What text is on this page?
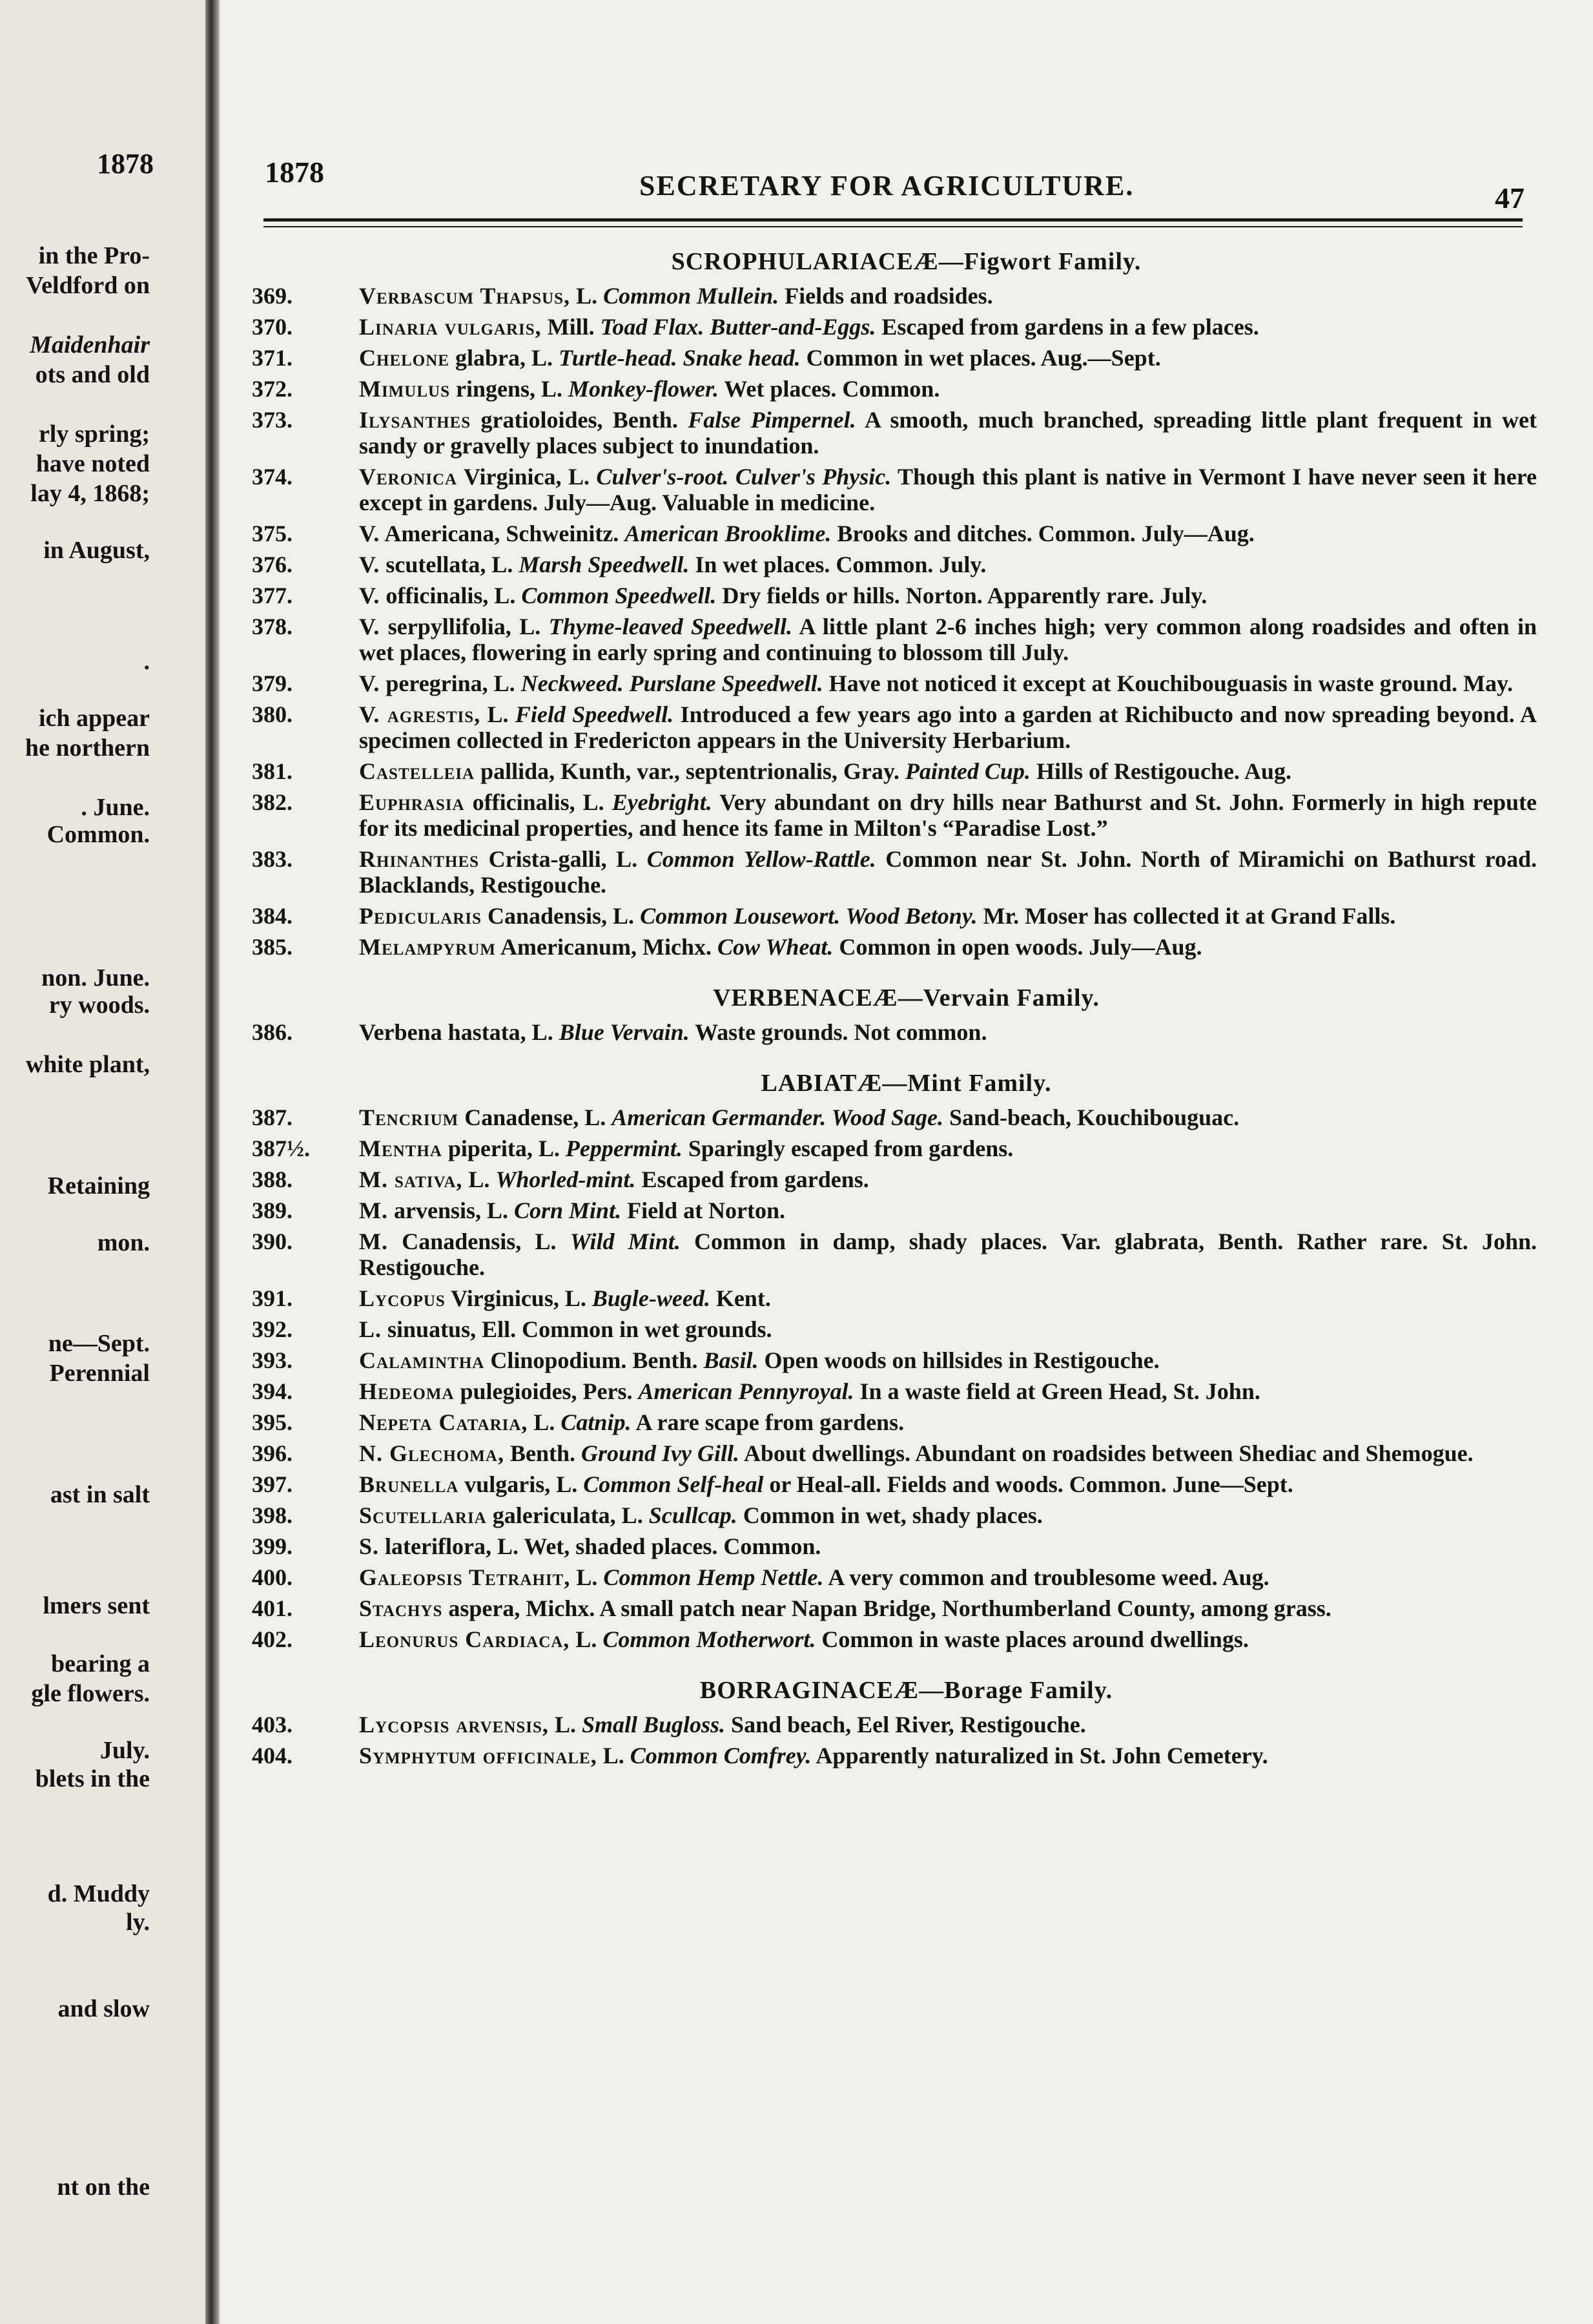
1878
in the Pro-
Veldford on
Maidenhair
ots and old
rly spring;
have noted
lay 4, 1868;
in August,
.
ich appear
he northern
. June.
Common.
non. June.
ry woods.
white plant,
Retaining
mon.
ne—Sept.
Perennial
ast in salt
lmers sent
bearing a
gle flowers.
July.
blets in the
d. Muddy
ly.
and slow
nt on the
1878	SECRETARY FOR AGRICULTURE.	47
SCROPHULARIACEÆ—Figwort Family.
369.	Verbascum Thapsus, L. Common Mullein. Fields and roadsides.
370.	Linaria vulgaris, Mill. Toad Flax. Butter-and-Eggs. Escaped from gardens in a few places.
371.	Chelone glabra, L. Turtle-head. Snake head. Common in wet places. Aug.—Sept.
372.	Mimulus ringens, L. Monkey-flower. Wet places. Common.
373.	Ilysanthes gratioloides, Benth. False Pimpernel. A smooth, much branched, spreading little plant frequent in wet sandy or gravelly places subject to inundation.
374.	Veronica Virginica, L. Culver's-root. Culver's Physic. Though this plant is native in Vermont I have never seen it here except in gardens. July—Aug. Valuable in medicine.
375.	V. Americana, Schweinitz. American Brooklime. Brooks and ditches. Common. July—Aug.
376.	V. scutellata, L. Marsh Speedwell. In wet places. Common. July.
377.	V. officinalis, L. Common Speedwell. Dry fields or hills. Norton. Apparently rare. July.
378.	V. serpyllifolia, L. Thyme-leaved Speedwell. A little plant 2-6 inches high; very common along roadsides and often in wet places, flowering in early spring and continuing to blossom till July.
379.	V. peregrina, L. Neckweed. Purslane Speedwell. Have not noticed it except at Kouchibouguasis in waste ground. May.
380.	V. agrestis, L. Field Speedwell. Introduced a few years ago into a garden at Richibucto and now spreading beyond. A specimen collected in Fredericton appears in the University Herbarium.
381.	Castelleia pallida, Kunth, var., septentrionalis, Gray. Painted Cup. Hills of Restigouche. Aug.
382.	Euphrasia officinalis, L. Eyebright. Very abundant on dry hills near Bathurst and St. John. Formerly in high repute for its medicinal properties, and hence its fame in Milton's “Paradise Lost.”
383.	Rhinanthes Crista-galli, L. Common Yellow-Rattle. Common near St. John. North of Miramichi on Bathurst road. Blacklands, Restigouche.
384.	Pedicularis Canadensis, L. Common Lousewort. Wood Betony. Mr. Moser has collected it at Grand Falls.
385.	Melampyrum Americanum, Michx. Cow Wheat. Common in open woods. July—Aug.
VERBENACEÆ—Vervain Family.
386.	Verbena hastata, L. Blue Vervain. Waste grounds. Not common.
LABIATÆ—Mint Family.
387.	Tencrium Canadense, L. American Germander. Wood Sage. Sand-beach, Kouchibouguac.
387½.	Mentha piperita, L. Peppermint. Sparingly escaped from gardens.
388.	M. sativa, L. Whorled-mint. Escaped from gardens.
389.	M. arvensis, L. Corn Mint. Field at Norton.
390.	M. Canadensis, L. Wild Mint. Common in damp, shady places. Var. glabrata, Benth. Rather rare. St. John. Restigouche.
391.	Lycopus Virginicus, L. Bugle-weed. Kent.
392.	L. sinuatus, Ell. Common in wet grounds.
393.	Calamintha Clinopodium. Benth. Basil. Open woods on hillsides in Restigouche.
394.	Hedeoma pulegioides, Pers. American Pennyroyal. In a waste field at Green Head, St. John.
395.	Nepeta Cataria, L. Catnip. A rare scape from gardens.
396.	N. Glechoma, Benth. Ground Ivy Gill. About dwellings. Abundant on roadsides between Shediac and Shemogue.
397.	Brunella vulgaris, L. Common Self-heal or Heal-all. Fields and woods. Common. June—Sept.
398.	Scutellaria galericulata, L. Scullcap. Common in wet, shady places.
399.	S. lateriflora, L. Wet, shaded places. Common.
400.	Galeopsis Tetrahit, L. Common Hemp Nettle. A very common and troublesome weed. Aug.
401.	Stachys aspera, Michx. A small patch near Napan Bridge, Northumberland County, among grass.
402.	Leonurus Cardiaca, L. Common Motherwort. Common in waste places around dwellings.
BORRAGINACEÆ—Borage Family.
403.	Lycopsis arvensis, L. Small Bugloss. Sand beach, Eel River, Restigouche.
404.	Symphytum officinale, L. Common Comfrey. Apparently naturalized in St. John Cemetery.
